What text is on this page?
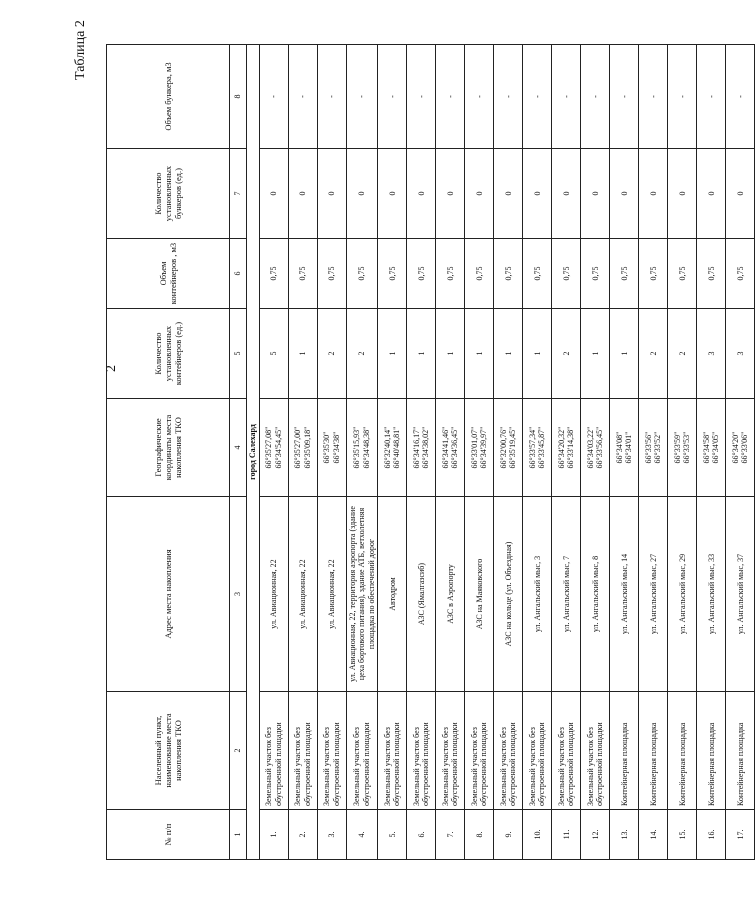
2
Таблица 2
№ п/п	Населенный пункт, наименование места накопления ТКО	Адрес места накопления	Географические координаты места накопления ТКО	Количество установленных контейнеров (ед.)	Объем контейнеров , м3	Количество установленных бункеров (ед.)	Объем бункера, м3
1	2	3	4	5	6	7	8
город Салехард							
1.	Земельный участок без обустроенной площадки	ул. Авиационная, 22	66°35'27,08" 66°34'54,45"	5	0,75	0	-
2.	Земельный участок без обустроенной площадки	ул. Авиационная, 22	66°35'27,00" 66°35'09,18"	1	0,75	0	-
3.	Земельный участок без обустроенной площадки	ул. Авиационная, 22	66°35'30" 66°34'38"	2	0,75	0	-
4.	Земельный участок без обустроенной площадки	ул. Авиационная, 22, территория аэропорта (здание цеха бортового питания), здание АТБ, ветхолетняя площадка по обеспечений дорог	66°35'15,93" 66°34'48,38"	2	0,75	0	-
5.	Земельный участок без обустроенной площадки	Автодром	66°32'40,14" 66°40'48,81"	1	0,75	0	-
6.	Земельный участок без обустроенной площадки	АЗС (Ямалгазсиб)	66°34'16,17" 66°34'38,02"	1	0,75	0	-
7.	Земельный участок без обустроенной площадки	АЗС в Аэропорту	66°34'41,46" 66°34'36,45"	1	0,75	0	-
8.	Земельный участок без обустроенной площадки	АЗС на Маяковского	66°33'01,07" 66°34'39,97"	1	0,75	0	-
9.	Земельный участок без обустроенной площадки	АЗС на кольце (ул. Объездная)	66°32'00,76" 66°35'19,45"	1	0,75	0	-
10.	Земельный участок без обустроенной площадки	ул. Ангальский мыс, 3	66°33'57,34" 66°33'45,87"	1	0,75	0	-
11.	Земельный участок без обустроенной площадки	ул. Ангальский мыс, 7	66°34'20,32" 66°33'14,38"	2	0,75	0	-
12.	Земельный участок без обустроенной площадки	ул. Ангальский мыс, 8	66°34'03,22" 66°33'56,45"	1	0,75	0	-
13.	Контейнерная площадка	ул. Ангальский мыс, 14	66°34'08" 66°34'01"	1	0,75	0	-
14.	Контейнерная площадка	ул. Ангальский мыс, 27	66°33'56" 66°33'52"	2	0,75	0	-
15.	Контейнерная площадка	ул. Ангальский мыс, 29	66°33'59" 66°33'53"	2	0,75	0	-
16.	Контейнерная площадка	ул. Ангальский мыс, 33	66°34'58" 66°34'05"	3	0,75	0	-
17.	Контейнерная площадка	ул. Ангальский мыс, 37	66°34'20" 66°33'06"	3	0,75	0	-
